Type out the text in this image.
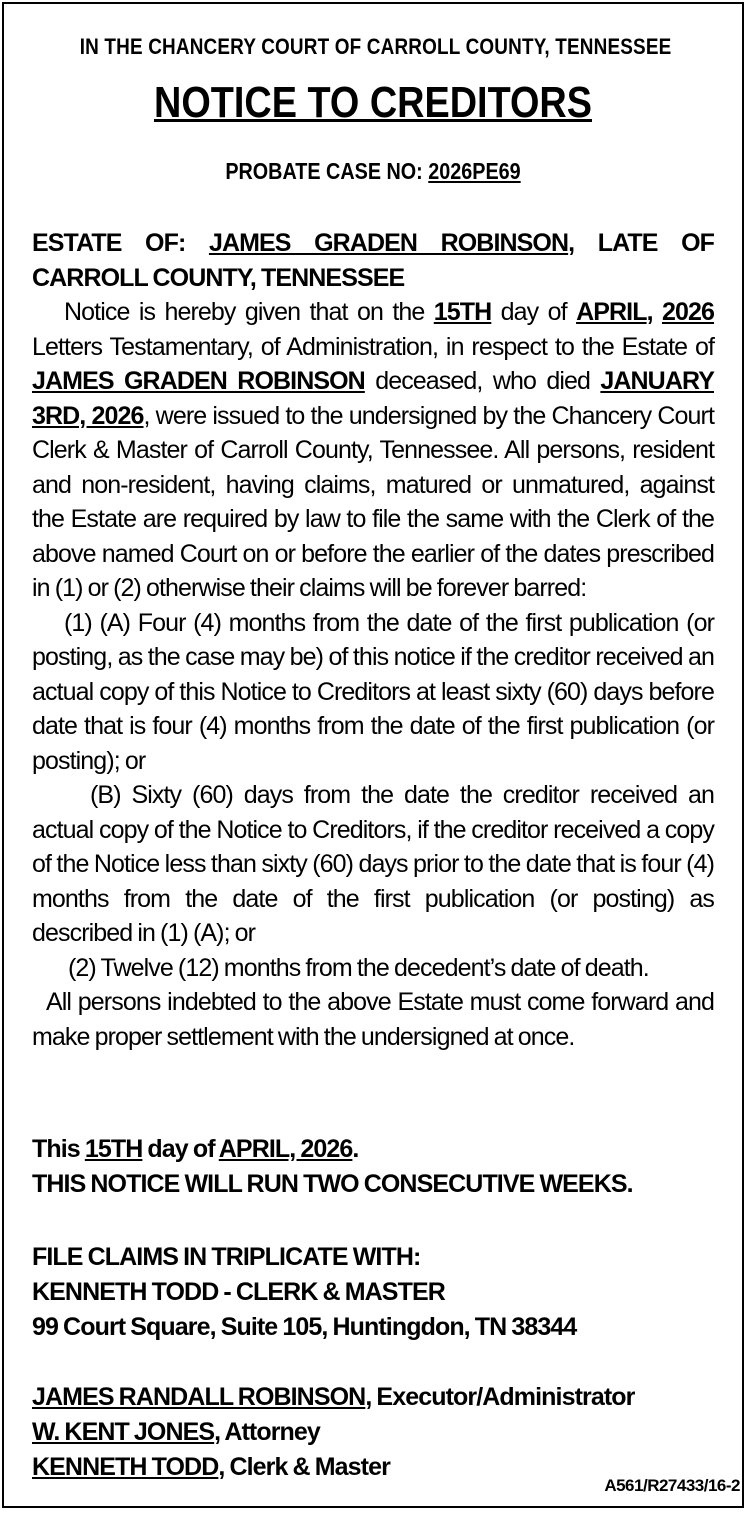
IN THE CHANCERY COURT OF CARROLL COUNTY, TENNESSEE
NOTICE TO CREDITORS
PROBATE CASE NO: 2026PE69
ESTATE OF: JAMES GRADEN ROBINSON, LATE OF CARROLL COUNTY, TENNESSEE
Notice is hereby given that on the 15TH day of APRIL, 2026 Letters Testamentary, of Administration, in respect to the Estate of JAMES GRADEN ROBINSON deceased, who died JANUARY 3RD, 2026, were issued to the undersigned by the Chancery Court Clerk & Master of Carroll County, Tennessee. All persons, resident and non-resident, having claims, matured or unmatured, against the Estate are required by law to file the same with the Clerk of the above named Court on or before the earlier of the dates prescribed in (1) or (2) otherwise their claims will be forever barred:
(1) (A) Four (4) months from the date of the first publication (or posting, as the case may be) of this notice if the creditor received an actual copy of this Notice to Creditors at least sixty (60) days before date that is four (4) months from the date of the first publication (or posting); or
(B) Sixty (60) days from the date the creditor received an actual copy of the Notice to Creditors, if the creditor received a copy of the Notice less than sixty (60) days prior to the date that is four (4) months from the date of the first publication (or posting) as described in (1) (A); or
(2) Twelve (12) months from the decedent’s date of death.
All persons indebted to the above Estate must come forward and make proper settlement with the undersigned at once.
This 15TH day of APRIL, 2026.
THIS NOTICE WILL RUN TWO CONSECUTIVE WEEKS.
FILE CLAIMS IN TRIPLICATE WITH:
KENNETH TODD - CLERK & MASTER
99 Court Square, Suite 105, Huntingdon, TN 38344
JAMES RANDALL ROBINSON, Executor/Administrator
W. KENT JONES, Attorney
KENNETH TODD, Clerk & Master
A561/R27433/16-2
